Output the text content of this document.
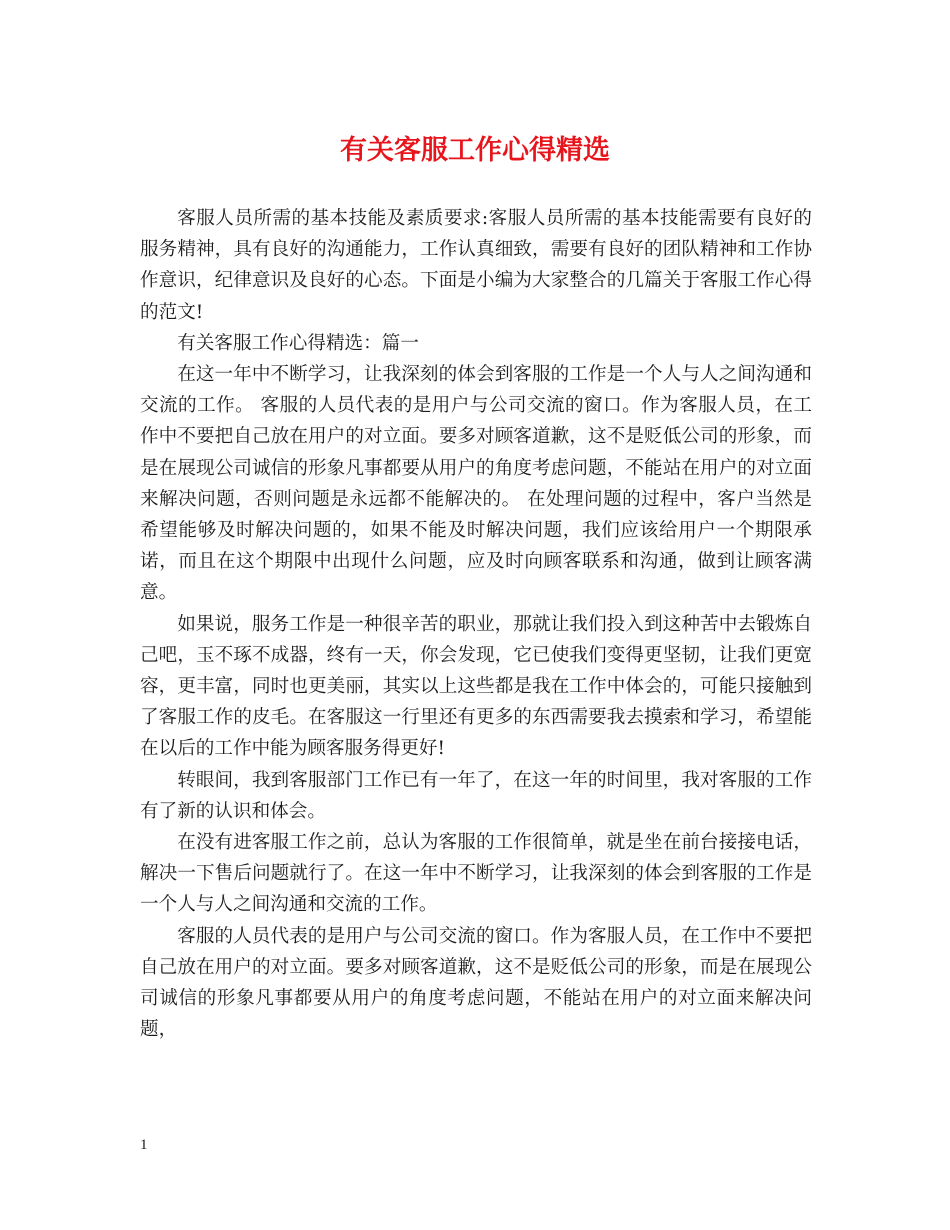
有关客服工作心得精选

客服人员所需的基本技能及素质要求:客服人员所需的基本技能需要有良好的服务精神，具有良好的沟通能力，工作认真细致，需要有良好的团队精神和工作协作意识，纪律意识及良好的心态。下面是小编为大家整合的几篇关于客服工作心得的范文!

有关客服工作心得精选：篇一

在这一年中不断学习，让我深刻的体会到客服的工作是一个人与人之间沟通和交流的工作。 客服的人员代表的是用户与公司交流的窗口。作为客服人员，在工作中不要把自己放在用户的对立面。要多对顾客道歉，这不是贬低公司的形象，而是在展现公司诚信的形象凡事都要从用户的角度考虑问题，不能站在用户的对立面来解决问题，否则问题是永远都不能解决的。 在处理问题的过程中，客户当然是希望能够及时解决问题的，如果不能及时解决问题，我们应该给用户一个期限承诺，而且在这个期限中出现什么问题，应及时向顾客联系和沟通，做到让顾客满意。

如果说，服务工作是一种很辛苦的职业，那就让我们投入到这种苦中去锻炼自己吧，玉不琢不成器，终有一天，你会发现，它已使我们变得更坚韧，让我们更宽容，更丰富，同时也更美丽，其实以上这些都是我在工作中体会的，可能只接触到了客服工作的皮毛。在客服这一行里还有更多的东西需要我去摸索和学习，希望能在以后的工作中能为顾客服务得更好!

转眼间，我到客服部门工作已有一年了，在这一年的时间里，我对客服的工作有了新的认识和体会。

在没有进客服工作之前，总认为客服的工作很简单，就是坐在前台接接电话，解决一下售后问题就行了。在这一年中不断学习，让我深刻的体会到客服的工作是一个人与人之间沟通和交流的工作。

客服的人员代表的是用户与公司交流的窗口。作为客服人员，在工作中不要把自己放在用户的对立面。要多对顾客道歉，这不是贬低公司的形象，而是在展现公司诚信的形象凡事都要从用户的角度考虑问题，不能站在用户的对立面来解决问题，

1
